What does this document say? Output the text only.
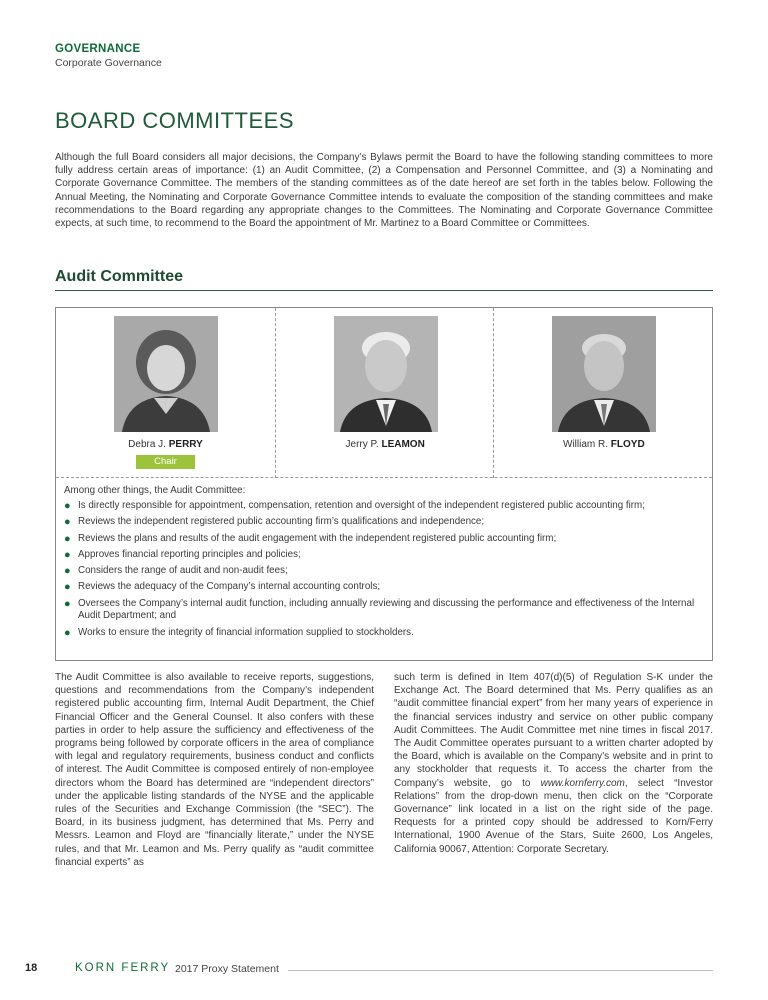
GOVERNANCE
Corporate Governance
BOARD COMMITTEES

Although the full Board considers all major decisions, the Company’s Bylaws permit the Board to have the following standing committees to more fully address certain areas of importance: (1) an Audit Committee, (2) a Compensation and Personnel Committee, and (3) a Nominating and Corporate Governance Committee. The members of the standing committees as of the date hereof are set forth in the tables below. Following the Annual Meeting, the Nominating and Corporate Governance Committee intends to evaluate the composition of the standing committees and make recommendations to the Board regarding any appropriate changes to the Committees. The Nominating and Corporate Governance Committee expects, at such time, to recommend to the Board the appointment of Mr. Martinez to a Board Committee or Committees.

Audit Committee
Debra J. PERRY
Chair
Jerry P. LEAMON	William R. FLOYD
Among other things, the Audit Committee:
● Is directly responsible for appointment, compensation, retention and oversight of the independent registered public accounting firm;
● Reviews the independent registered public accounting firm’s qualifications and independence;
● Reviews the plans and results of the audit engagement with the independent registered public accounting firm;
● Approves financial reporting principles and policies;
● Considers the range of audit and non-audit fees;
● Reviews the adequacy of the Company’s internal accounting controls;
● Oversees the Company’s internal audit function, including annually reviewing and discussing the performance and effectiveness of the Internal Audit Department; and
● Works to ensure the integrity of financial information supplied to stockholders.

The Audit Committee is also available to receive reports, suggestions, questions and recommendations from the Company’s independent registered public accounting firm, Internal Audit Department, the Chief Financial Officer and the General Counsel. It also confers with these parties in order to help assure the sufficiency and effectiveness of the programs being followed by corporate officers in the area of compliance with legal and regulatory requirements, business conduct and conflicts of interest. The Audit Committee is composed entirely of non-employee directors whom the Board has determined are “independent directors” under the applicable listing standards of the NYSE and the applicable rules of the Securities and Exchange Commission (the “SEC”). The Board, in its business judgment, has determined that Ms. Perry and Messrs. Leamon and Floyd are “financially literate,” under the NYSE rules, and that Mr. Leamon and Ms. Perry qualify as “audit committee financial experts” as

such term is defined in Item 407(d)(5) of Regulation S-K under the Exchange Act. The Board determined that Ms. Perry qualifies as an “audit committee financial expert” from her many years of experience in the financial services industry and service on other public company Audit Committees. The Audit Committee met nine times in fiscal 2017. The Audit Committee operates pursuant to a written charter adopted by the Board, which is available on the Company’s website and in print to any stockholder that requests it. To access the charter from the Company’s website, go to www.kornferry.com, select “Investor Relations” from the drop-down menu, then click on the “Corporate Governance” link located in a list on the right side of the page. Requests for a printed copy should be addressed to Korn/Ferry International, 1900 Avenue of the Stars, Suite 2600, Los Angeles, California 90067, Attention: Corporate Secretary.

18	KORN FERRY 2017 Proxy Statement
